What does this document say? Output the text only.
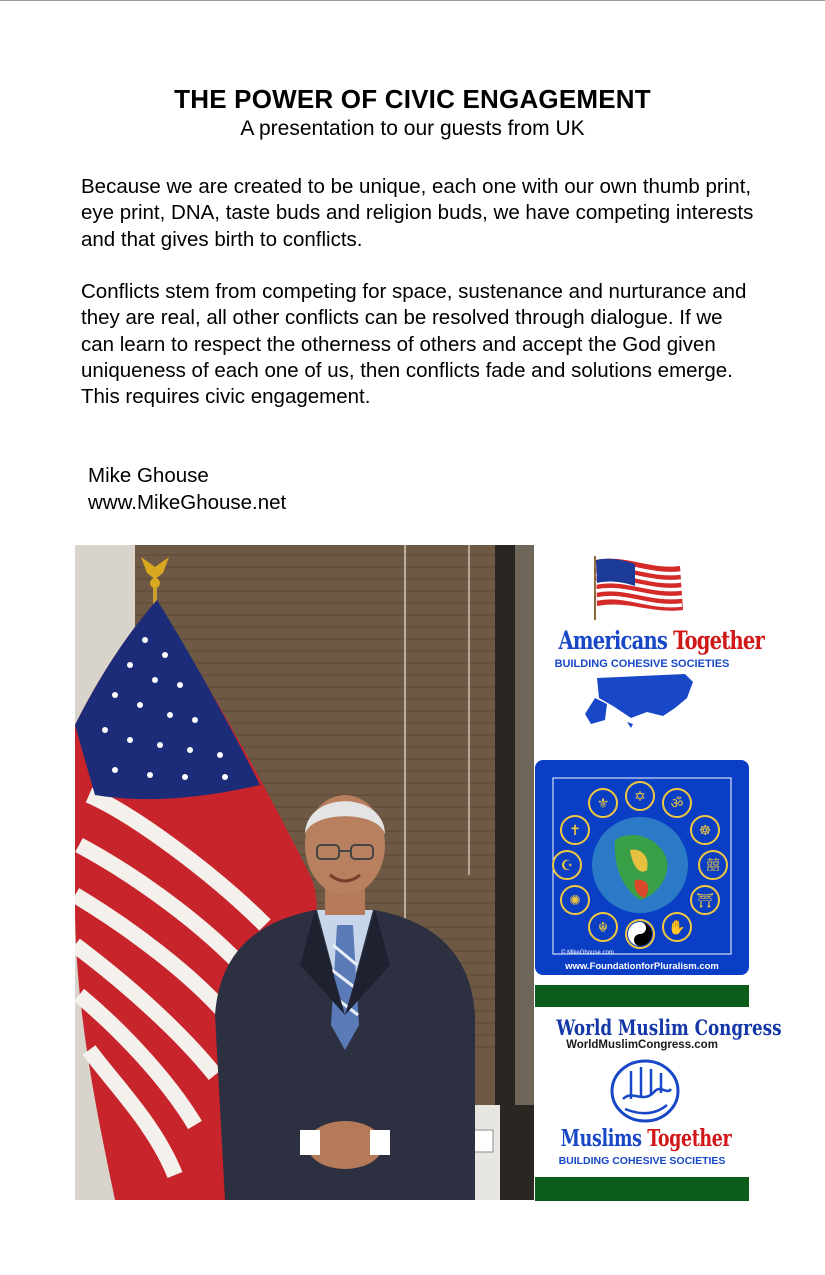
THE POWER OF CIVIC ENGAGEMENT
A presentation to our guests from UK
Because we are created to be unique, each one with our own thumb print, eye print, DNA, taste buds and religion buds, we have competing interests and that gives birth to conflicts.
Conflicts stem from competing for space, sustenance and nurturance and they are real, all other conflicts can be resolved through dialogue. If we can learn to respect the otherness of others and accept the God given uniqueness of each one of us, then conflicts fade and solutions emerge. This requires civic engagement.
Mike Ghouse
www.MikeGhouse.net
Americans Together
BUILDING COHESIVE SOCIETIES
✡ ॐ
☸
囍
⛩
✋
☬
✺
☪
✝
⚜
© MikeGhouse.com
www.FoundationforPluralism.com
World Muslim Congress
WorldMuslimCongress.com
Muslims Together
BUILDING COHESIVE SOCIETIES
